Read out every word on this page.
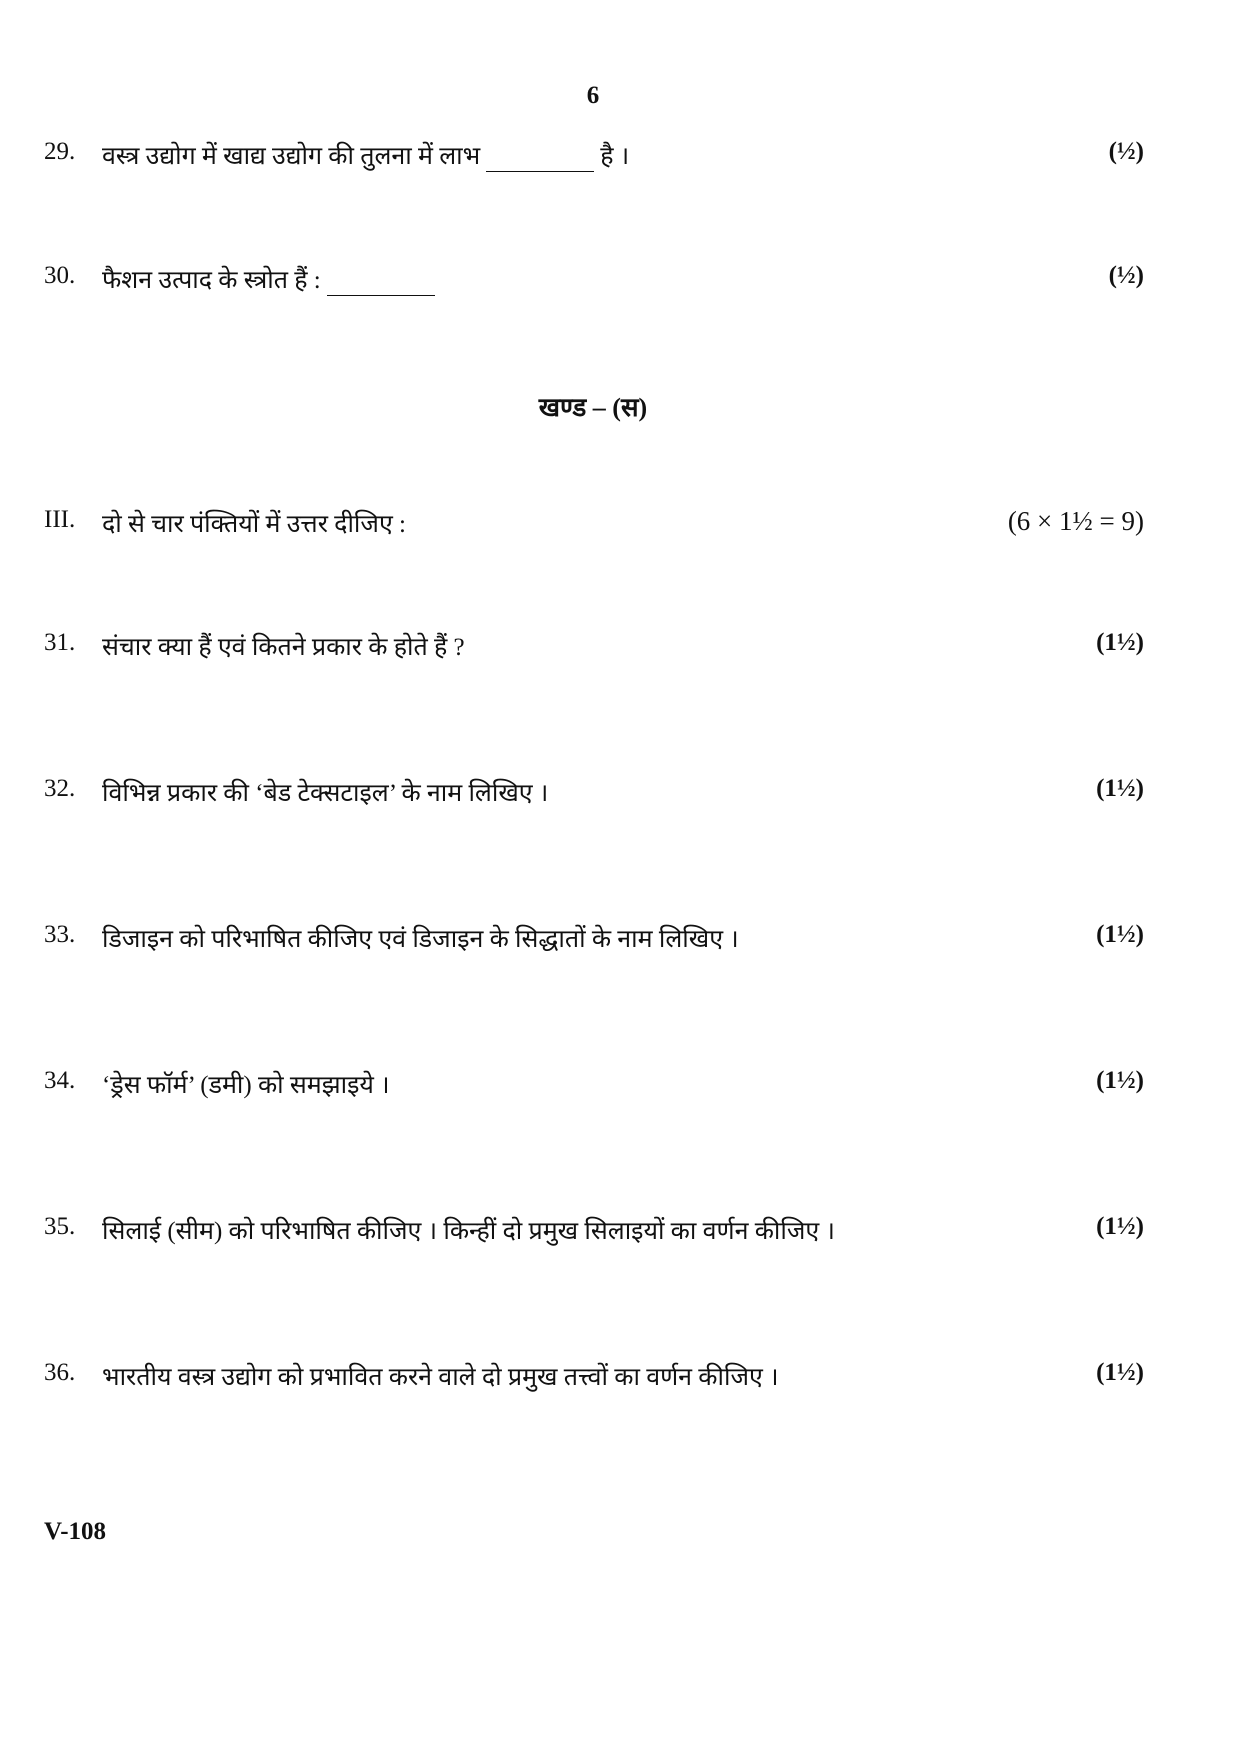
6
29. वस्त्र उद्योग में खाद्य उद्योग की तुलना में लाभ	है ।	(½)
30. फैशन उत्पाद के स्त्रोत हैं :	(½)
खण्ड – (स)
III. दो से चार पंक्तियों में उत्तर दीजिए :	(6 × 1½ = 9)
31. संचार क्या हैं एवं कितने प्रकार के होते हैं ?	(1½)
32. विभिन्न प्रकार की ‘बेड टेक्सटाइल’ के नाम लिखिए ।	(1½)
33. डिजाइन को परिभाषित कीजिए एवं डिजाइन के सिद्धातों के नाम लिखिए ।	(1½)
34. ‘ड्रेस फॉर्म’ (डमी) को समझाइये ।	(1½)
35. सिलाई (सीम) को परिभाषित कीजिए । किन्हीं दो प्रमुख सिलाइयों का वर्णन कीजिए ।	(1½)
36. भारतीय वस्त्र उद्योग को प्रभावित करने वाले दो प्रमुख तत्त्वों का वर्णन कीजिए ।	(1½)
V-108
